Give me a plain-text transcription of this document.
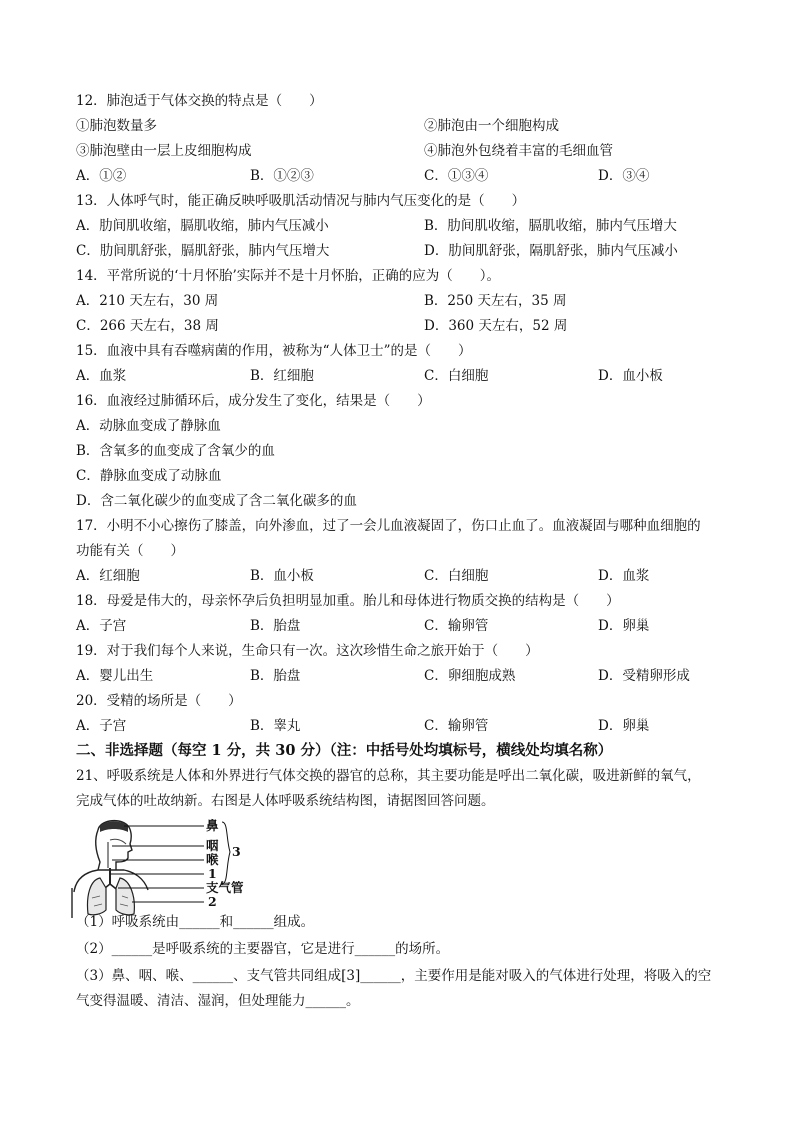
12．肺泡适于气体交换的特点是（　　）
①肺泡数量多	②肺泡由一个细胞构成
③肺泡壁由一层上皮细胞构成	④肺泡外包绕着丰富的毛细血管
A．①②	B．①②③	C．①③④	D．③④
13．人体呼气时，能正确反映呼吸肌活动情况与肺内气压变化的是（　　）
A．肋间肌收缩，膈肌收缩，肺内气压减小	B．肋间肌收缩，膈肌收缩，肺内气压增大
C．肋间肌舒张，膈肌舒张，肺内气压增大	D．肋间肌舒张，隔肌舒张，肺内气压减小
14．平常所说的‘十月怀胎’实际并不是十月怀胎，正确的应为（　　）。
A．210 天左右，30 周	B．250 天左右，35 周
C．266 天左右，38 周	D．360 天左右，52 周
15．血液中具有吞噬病菌的作用，被称为“人体卫士”的是（　　）
A．血浆	B．红细胞	C．白细胞	D．血小板
16．血液经过肺循环后，成分发生了变化，结果是（　　）
A．动脉血变成了静脉血
B．含氧多的血变成了含氧少的血
C．静脉血变成了动脉血
D．含二氧化碳少的血变成了含二氧化碳多的血
17．小明不小心擦伤了膝盖，向外渗血，过了一会儿血液凝固了，伤口止血了。血液凝固与哪种血细胞的
功能有关（　　）
A．红细胞	B．血小板	C．白细胞	D．血浆
18．母爱是伟大的，母亲怀孕后负担明显加重。胎儿和母体进行物质交换的结构是（　　）
A．子宫	B．胎盘	C．输卵管	D．卵巢
19．对于我们每个人来说，生命只有一次。这次珍惜生命之旅开始于（　　）
A．婴儿出生	B．胎盘	C．卵细胞成熟	D．受精卵形成
20．受精的场所是（　　）
A．子宫	B．睾丸	C．输卵管	D．卵巢
二、非选择题（每空 1 分，共 30 分）（注：中括号处均填标号，横线处均填名称）
21、呼吸系统是人体和外界进行气体交换的器官的总称，其主要功能是呼出二氧化碳，吸进新鲜的氧气，
完成气体的吐故纳新。右图是人体呼吸系统结构图，请据图回答问题。
鼻
咽
喉
1
支气管
2
3
（1）呼吸系统由______和______组成。
（2）______是呼吸系统的主要器官，它是进行______的场所。
（3）鼻、咽、喉、______、支气管共同组成[3]______，主要作用是能对吸入的气体进行处理，将吸入的空
气变得温暖、清洁、湿润，但处理能力______。
